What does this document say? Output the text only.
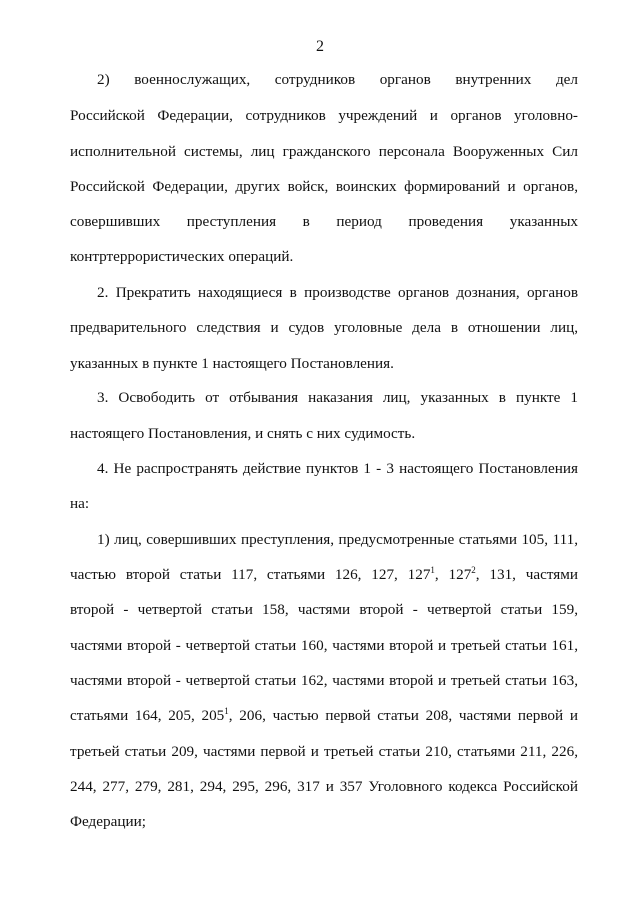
2
2) военнослужащих, сотрудников органов внутренних дел
Российской Федерации, сотрудников учреждений и органов уголовно-
исполнительной системы, лиц гражданского персонала Вооруженных Сил
Российской Федерации, других войск, воинских формирований и органов,
совершивших преступления в период проведения указанных
контртеррористических операций.
2. Прекратить находящиеся в производстве органов дознания, органов
предварительного следствия и судов уголовные дела в отношении лиц,
указанных в пункте 1 настоящего Постановления.
3. Освободить от отбывания наказания лиц, указанных в пункте 1
настоящего Постановления, и снять с них судимость.
4. Не распространять действие пунктов 1 - 3 настоящего Постановления
на:
1) лиц, совершивших преступления, предусмотренные статьями 105, 111,
частью второй статьи 117, статьями 126, 127, $127^1$, $127^2$, 131, частями
второй - четвертой статьи 158, частями второй - четвертой статьи 159,
частями второй - четвертой статьи 160, частями второй и третьей статьи 161,
частями второй - четвертой статьи 162, частями второй и третьей статьи 163,
статьями 164, 205, $205^1$, 206, частью первой статьи 208, частями первой и
третьей статьи 209, частями первой и третьей статьи 210, статьями 211, 226,
244, 277, 279, 281, 294, 295, 296, 317 и 357 Уголовного кодекса Российской
Федерации;
